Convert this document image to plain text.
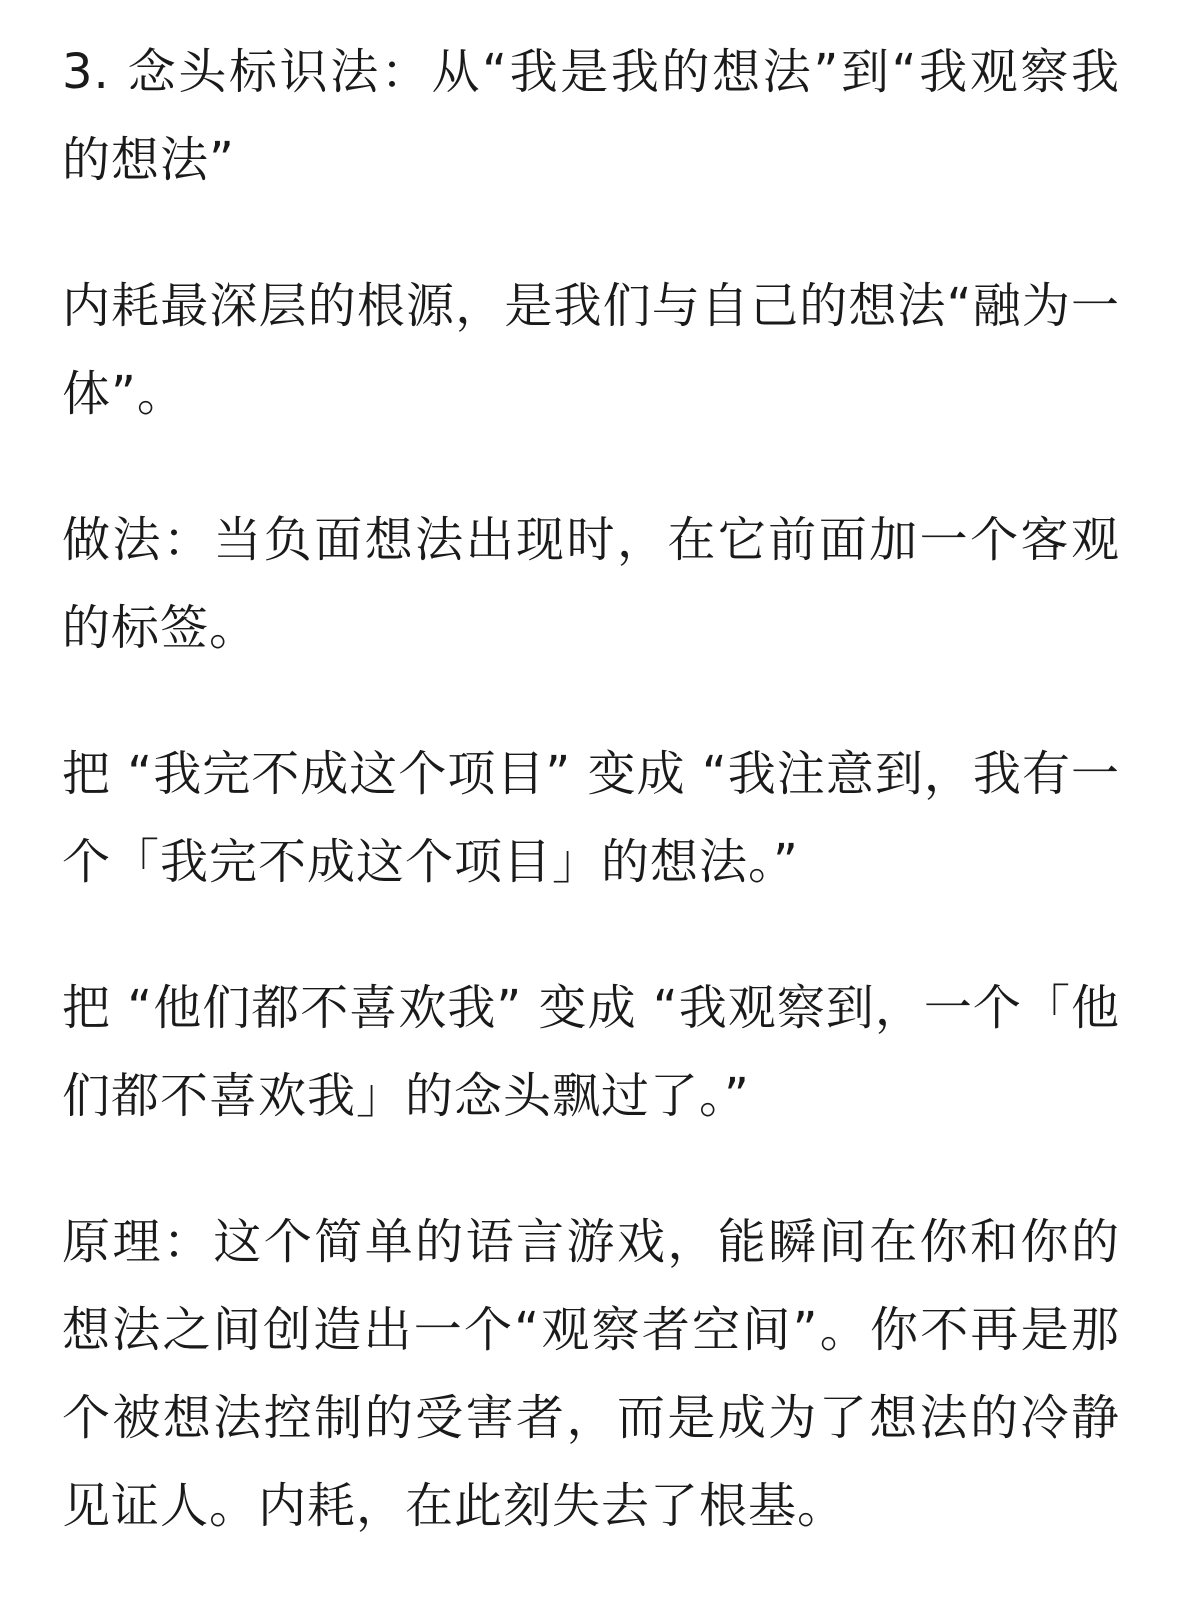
3. 念头标识法：从“我是我的想法”到“我观察我的想法”

内耗最深层的根源，是我们与自己的想法“融为一体”。

做法：当负面想法出现时，在它前面加一个客观的标签。

把 “我完不成这个项目” 变成 “我注意到，我有一个「我完不成这个项目」的想法。”

把 “他们都不喜欢我” 变成 “我观察到，一个「他们都不喜欢我」的念头飘过了。”

原理：这个简单的语言游戏，能瞬间在你和你的想法之间创造出一个“观察者空间”。你不再是那个被想法控制的受害者，而是成为了想法的冷静见证人。内耗，在此刻失去了根基。
